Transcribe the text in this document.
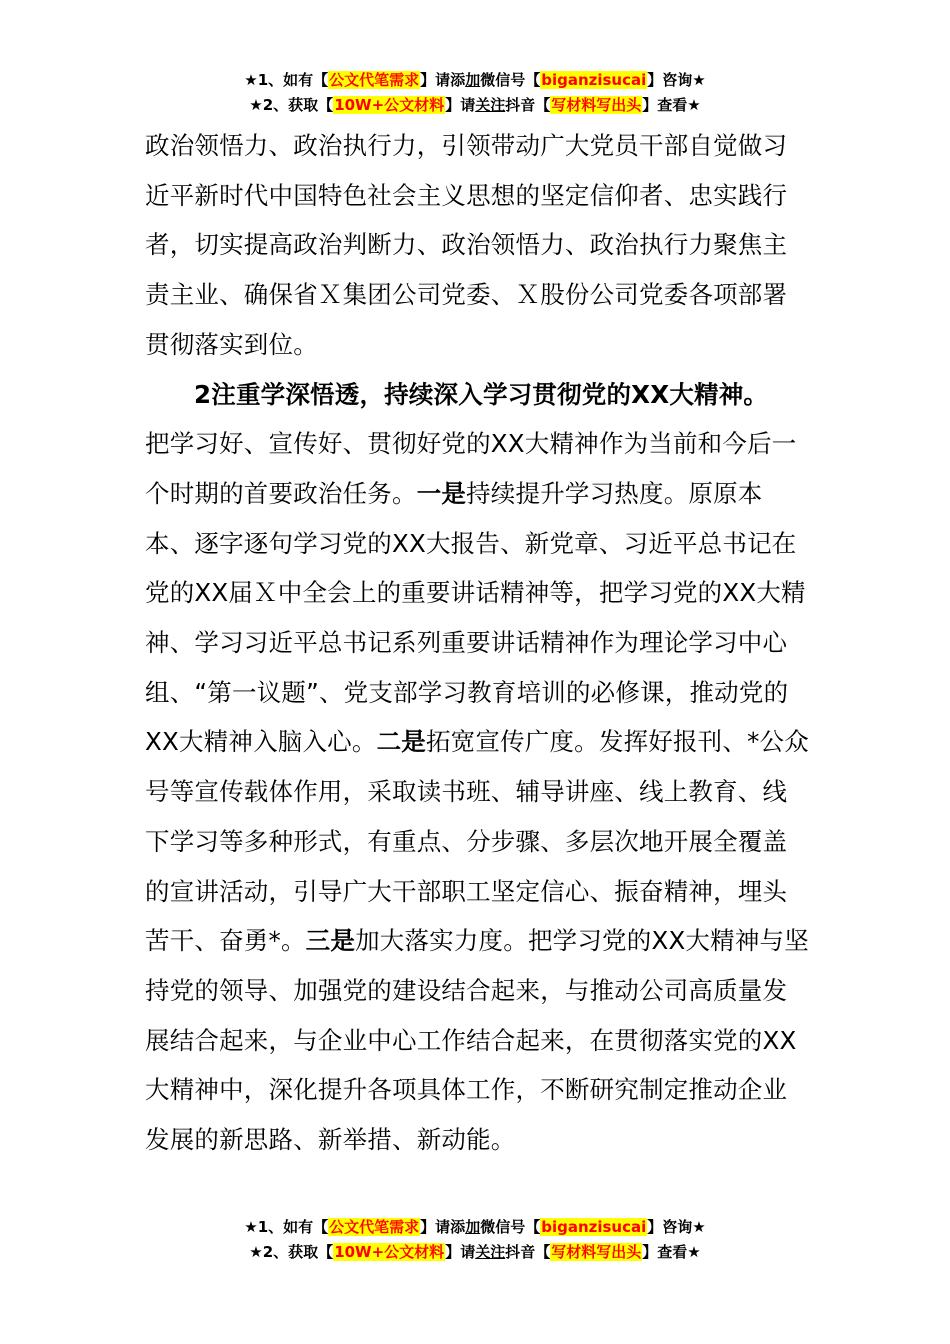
★1、如有【公文代笔需求】请添加微信号【biganzisucai】咨询★
★2、获取【10W+公文材料】请关注抖音【写材料写出头】查看★

政治领悟力、政治执行力，引领带动广大党员干部自觉做习近平新时代中国特色社会主义思想的坚定信仰者、忠实践行者，切实提高政治判断力、政治领悟力、政治执行力聚焦主责主业、确保省Ｘ集团公司党委、Ｘ股份公司党委各项部署贯彻落实到位。

2注重学深悟透，持续深入学习贯彻党的XX大精神。

把学习好、宣传好、贯彻好党的XX大精神作为当前和今后一个时期的首要政治任务。一是持续提升学习热度。原原本本、逐字逐句学习党的XX大报告、新党章、习近平总书记在党的XX届Ｘ中全会上的重要讲话精神等，把学习党的XX大精神、学习习近平总书记系列重要讲话精神作为理论学习中心组、“第一议题”、党支部学习教育培训的必修课，推动党的XX大精神入脑入心。二是拓宽宣传广度。发挥好报刊、*公众号等宣传载体作用，采取读书班、辅导讲座、线上教育、线下学习等多种形式，有重点、分步骤、多层次地开展全覆盖的宣讲活动，引导广大干部职工坚定信心、振奋精神，埋头苦干、奋勇*。三是加大落实力度。把学习党的XX大精神与坚持党的领导、加强党的建设结合起来，与推动公司高质量发展结合起来，与企业中心工作结合起来，在贯彻落实党的XX大精神中，深化提升各项具体工作，不断研究制定推动企业发展的新思路、新举措、新动能。

★1、如有【公文代笔需求】请添加微信号【biganzisucai】咨询★
★2、获取【10W+公文材料】请关注抖音【写材料写出头】查看★
